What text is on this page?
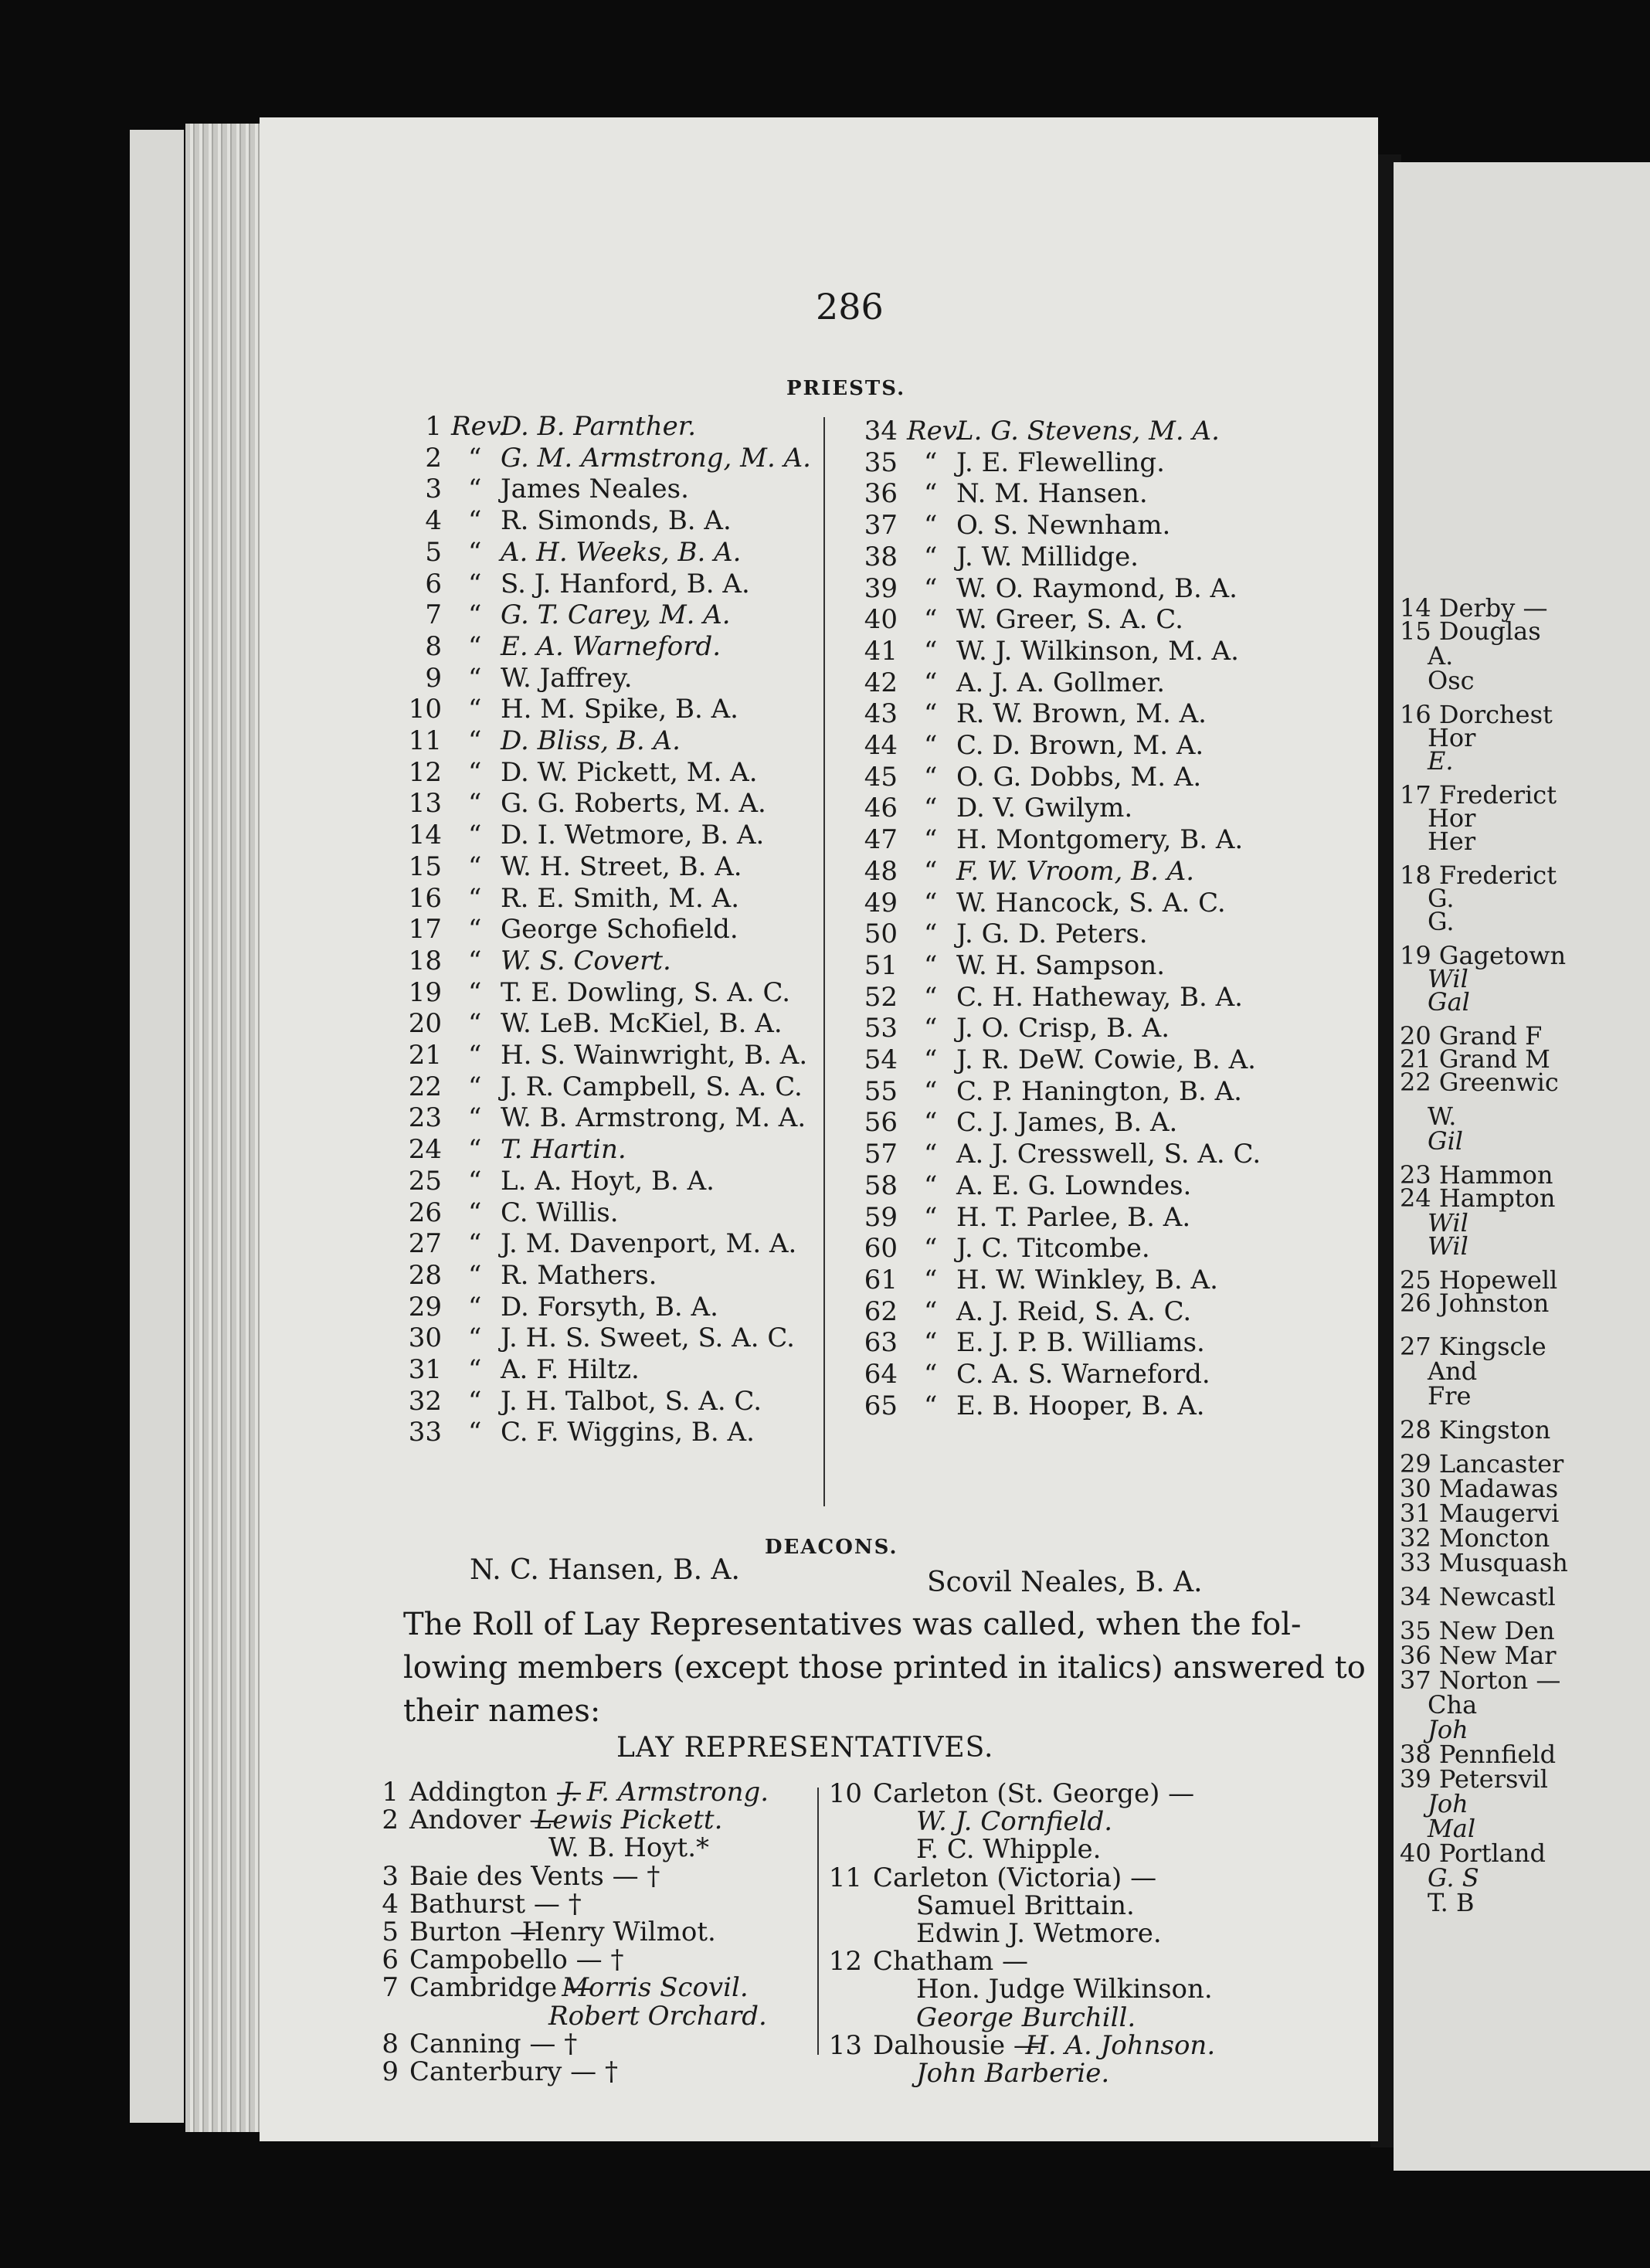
286
PRIESTS.
1 Rev.
D. B. Parnther.
2 “ G. M. Armstrong, M. A.
3 “ James Neales.
4 “ R. Simonds, B. A.
5 “ A. H. Weeks, B. A.
6 “ S. J. Hanford, B. A.
7 “ G. T. Carey, M. A.
8 “ E. A. Warneford.
9 “ W. Jaffrey.
10 “ H. M. Spike, B. A.
11 “ D. Bliss, B. A.
12 “ D. W. Pickett, M. A.
13 “ G. G. Roberts, M. A.
14 “ D. I. Wetmore, B. A.
15 “ W. H. Street, B. A.
16 “ R. E. Smith, M. A.
17 “ George Schofield.
18 “ W. S. Covert.
19 “ T. E. Dowling, S. A. C.
20 “ W. LeB. McKiel, B. A.
21 “ H. S. Wainwright, B. A.
22 “ J. R. Campbell, S. A. C.
23 “ W. B. Armstrong, M. A.
24 “ T. Hartin.
25 “ L. A. Hoyt, B. A.
26 “ C. Willis.
27 “ J. M. Davenport, M. A.
28 “ R. Mathers.
29 “ D. Forsyth, B. A.
30 “ J. H. S. Sweet, S. A. C.
31 “ A. F. Hiltz.
32 “ J. H. Talbot, S. A. C.
33 “ C. F. Wiggins, B. A.
34 Rev.
L. G. Stevens, M. A.
35 “ J. E. Flewelling.
36 “ N. M. Hansen.
37 “ O. S. Newnham.
38 “ J. W. Millidge.
39 “ W. O. Raymond, B. A.
40 “ W. Greer, S. A. C.
41 “ W. J. Wilkinson, M. A.
42 “ A. J. A. Gollmer.
43 “ R. W. Brown, M. A.
44 “ C. D. Brown, M. A.
45 “ O. G. Dobbs, M. A.
46 “ D. V. Gwilym.
47 “ H. Montgomery, B. A.
48 “ F. W. Vroom, B. A.
49 “ W. Hancock, S. A. C.
50 “ J. G. D. Peters.
51 “ W. H. Sampson.
52 “ C. H. Hatheway, B. A.
53 “ J. O. Crisp, B. A.
54 “ J. R. DeW. Cowie, B. A.
55 “ C. P. Hanington, B. A.
56 “ C. J. James, B. A.
57 “ A. J. Cresswell, S. A. C.
58 “ A. E. G. Lowndes.
59 “ H. T. Parlee, B. A.
60 “ J. C. Titcombe.
61 “ H. W. Winkley, B. A.
62 “ A. J. Reid, S. A. C.
63 “ E. J. P. B. Williams.
64 “ C. A. S. Warneford.
65 “ E. B. Hooper, B. A.
DEACONS.
N. C. Hansen, B. A.	Scovil Neales, B. A.
The Roll of Lay Representatives was called, when the fol-
lowing members (except those printed in italics) answered to
their names:
LAY REPRESENTATIVES.
1 Addington —
J. F. Armstrong.
2 Andover —
Lewis Pickett.
W. B. Hoyt.*
3 Baie des Vents — †
4 Bathurst — †
5 Burton —
Henry Wilmot.
6 Campobello — †
7 Cambridge —
Morris Scovil.
Robert Orchard.
8 Canning — †
9 Canterbury — †
10 Carleton (St. George) —
W. J. Cornfield.
F. C. Whipple.
11 Carleton (Victoria) —
Samuel Brittain.
Edwin J. Wetmore.
12 Chatham —
Hon. Judge Wilkinson.
George Burchill.
13 Dalhousie —
H. A. Johnson.
John Barberie.
14 Derby —
15 Douglas
A.
Osc
16 Dorchest
Hor
E.
17 Frederict
Hor
Her
18 Frederict
G.
G.
19 Gagetown
Wil
Gal
20 Grand F
21 Grand M
22 Greenwic
W.
Gil
23 Hammon
24 Hampton
Wil
Wil
25 Hopewell
26 Johnston
27 Kingscle
And
Fre
28 Kingston
29 Lancaster
30 Madawas
31 Maugervi
32 Moncton
33 Musquash
34 Newcastl
35 New Den
36 New Mar
37 Norton —
Cha
Joh
38 Pennfield
39 Petersvil
Joh
Mal
40 Portland
G. S
T. B
